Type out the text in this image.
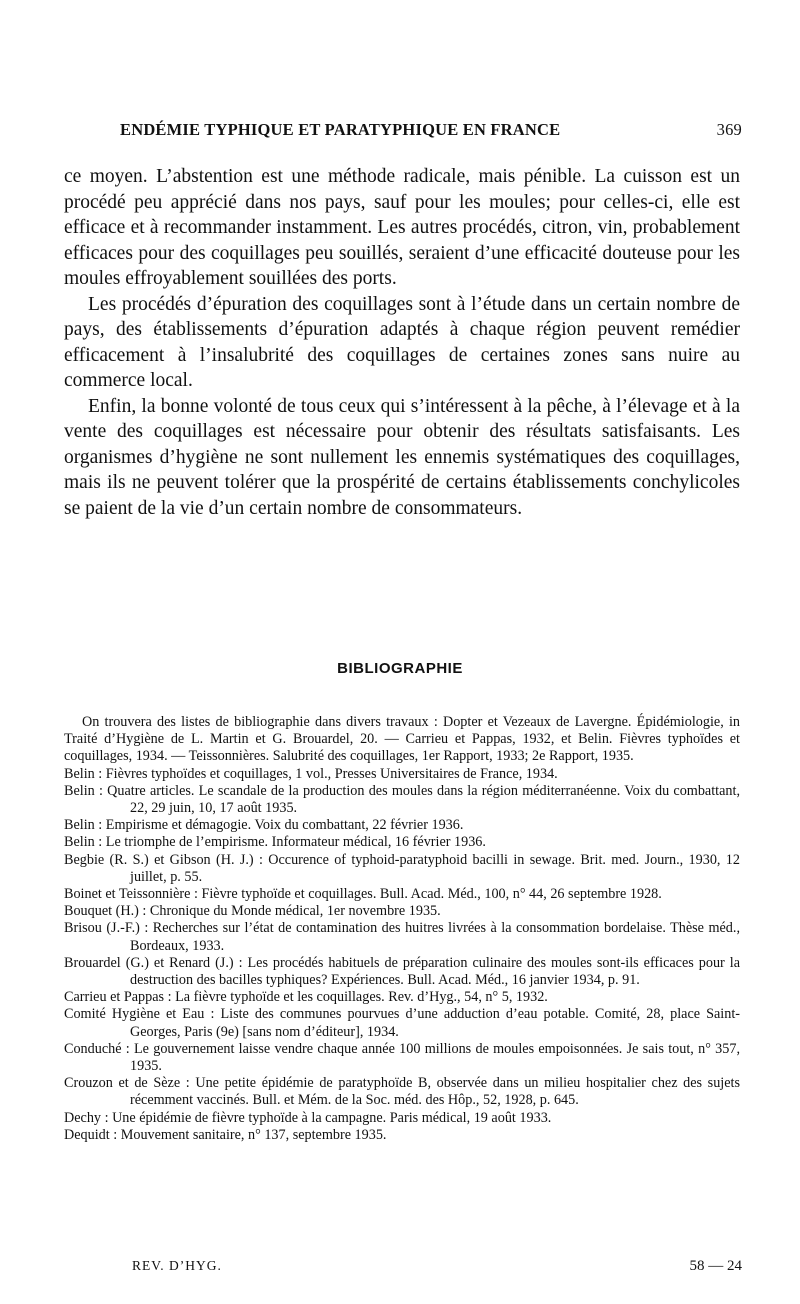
ENDÉMIE TYPHIQUE ET PARATYPHIQUE EN FRANCE	369

ce moyen. L’abstention est une méthode radicale, mais pénible. La cuisson est un procédé peu apprécié dans nos pays, sauf pour les moules; pour celles-ci, elle est efficace et à recommander instamment. Les autres procédés, citron, vin, probablement efficaces pour des coquillages peu souillés, seraient d’une efficacité douteuse pour les moules effroyablement souillées des ports.

Les procédés d’épuration des coquillages sont à l’étude dans un certain nombre de pays, des établissements d’épuration adaptés à chaque région peuvent remédier efficacement à l’insalubrité des coquillages de certaines zones sans nuire au commerce local.

Enfin, la bonne volonté de tous ceux qui s’intéressent à la pêche, à l’élevage et à la vente des coquillages est nécessaire pour obtenir des résultats satisfaisants. Les organismes d’hygiène ne sont nullement les ennemis systématiques des coquillages, mais ils ne peuvent tolérer que la prospérité de certains établissements conchylicoles se paient de la vie d’un certain nombre de consommateurs.

BIBLIOGRAPHIE

On trouvera des listes de bibliographie dans divers travaux : Dopter et Vezeaux de Lavergne. Épidémiologie, in Traité d’Hygiène de L. Martin et G. Brouardel, 20. — Carrieu et Pappas, 1932, et Belin. Fièvres typhoïdes et coquillages, 1934. — Teissonnières. Salubrité des coquillages, 1er Rapport, 1933; 2e Rapport, 1935.

Belin : Fièvres typhoïdes et coquillages, 1 vol., Presses Universitaires de France, 1934.

Belin : Quatre articles. Le scandale de la production des moules dans la région méditerranéenne. Voix du combattant, 22, 29 juin, 10, 17 août 1935.

Belin : Empirisme et démagogie. Voix du combattant, 22 février 1936.

Belin : Le triomphe de l’empirisme. Informateur médical, 16 février 1936.

Begbie (R. S.) et Gibson (H. J.) : Occurence of typhoid-paratyphoid bacilli in sewage. Brit. med. Journ., 1930, 12 juillet, p. 55.

Boinet et Teissonnière : Fièvre typhoïde et coquillages. Bull. Acad. Méd., 100, n° 44, 26 septembre 1928.

Bouquet (H.) : Chronique du Monde médical, 1er novembre 1935.

Brisou (J.-F.) : Recherches sur l’état de contamination des huitres livrées à la consommation bordelaise. Thèse méd., Bordeaux, 1933.

Brouardel (G.) et Renard (J.) : Les procédés habituels de préparation culinaire des moules sont-ils efficaces pour la destruction des bacilles typhiques? Expériences. Bull. Acad. Méd., 16 janvier 1934, p. 91.

Carrieu et Pappas : La fièvre typhoïde et les coquillages. Rev. d’Hyg., 54, n° 5, 1932.

Comité Hygiène et Eau : Liste des communes pourvues d’une adduction d’eau potable. Comité, 28, place Saint-Georges, Paris (9e) [sans nom d’éditeur], 1934.

Conduché : Le gouvernement laisse vendre chaque année 100 millions de moules empoisonnées. Je sais tout, n° 357, 1935.

Crouzon et de Sèze : Une petite épidémie de paratyphoïde B, observée dans un milieu hospitalier chez des sujets récemment vaccinés. Bull. et Mém. de la Soc. méd. des Hôp., 52, 1928, p. 645.

Dechy : Une épidémie de fièvre typhoïde à la campagne. Paris médical, 19 août 1933.

Dequidt : Mouvement sanitaire, n° 137, septembre 1935.

REV. D’HYG.	58 — 24
